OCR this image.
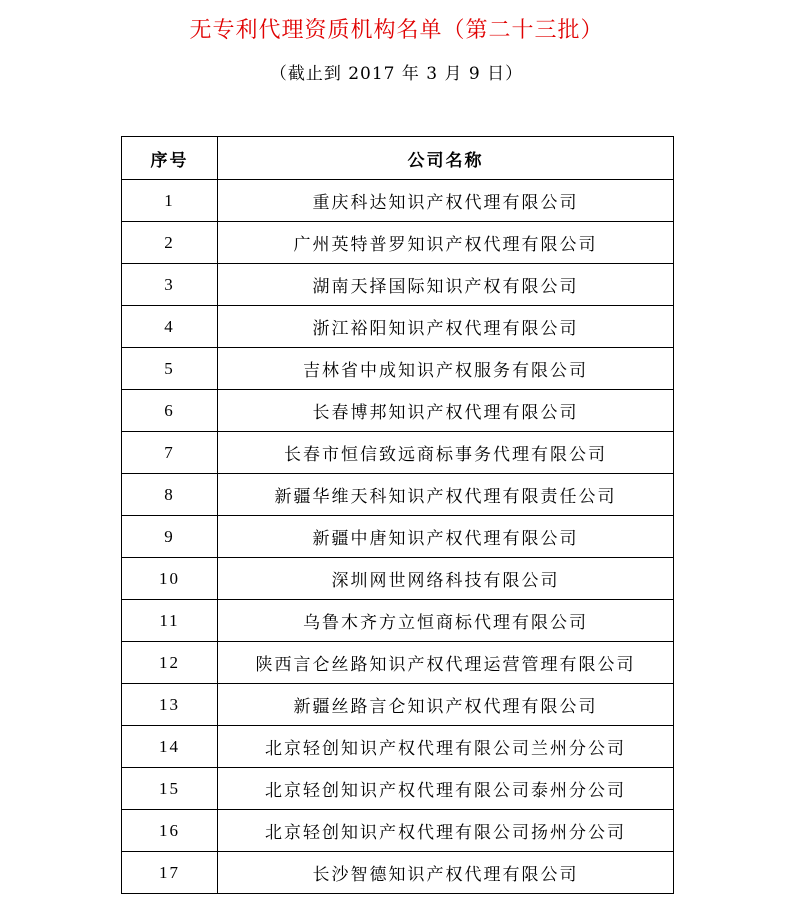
无专利代理资质机构名单（第二十三批）
（截止到 2017 年 3 月 9 日）
序号	公司名称
1	重庆科达知识产权代理有限公司
2	广州英特普罗知识产权代理有限公司
3	湖南天择国际知识产权有限公司
4	浙江裕阳知识产权代理有限公司
5	吉林省中成知识产权服务有限公司
6	长春博邦知识产权代理有限公司
7	长春市恒信致远商标事务代理有限公司
8	新疆华维天科知识产权代理有限责任公司
9	新疆中唐知识产权代理有限公司
10	深圳网世网络科技有限公司
11	乌鲁木齐方立恒商标代理有限公司
12	陕西言仑丝路知识产权代理运营管理有限公司
13	新疆丝路言仑知识产权代理有限公司
14	北京轻创知识产权代理有限公司兰州分公司
15	北京轻创知识产权代理有限公司泰州分公司
16	北京轻创知识产权代理有限公司扬州分公司
17	长沙智德知识产权代理有限公司
